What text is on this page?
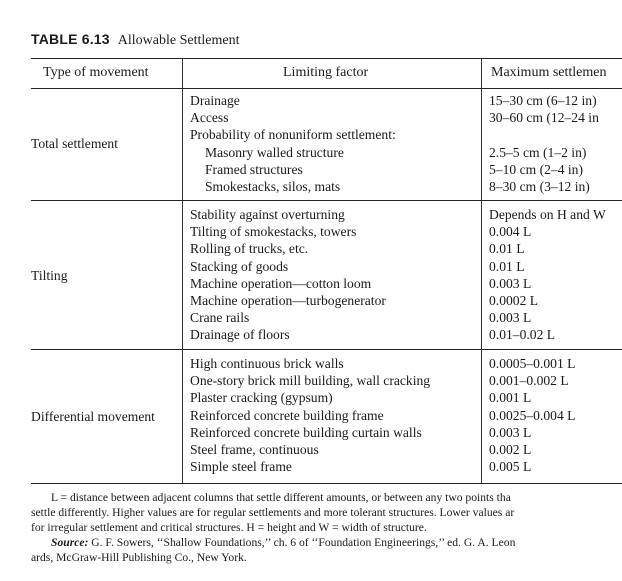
TABLE 6.13 Allowable Settlement
Type of movement	Limiting factor	Maximum settlemen
Total settlement
Drainage
Access
Probability of nonuniform settlement:
Masonry walled structure
Framed structures
Smokestacks, silos, mats
15–30 cm (6–12 in)
30–60 cm (12–24 in
2.5–5 cm (1–2 in)
5–10 cm (2–4 in)
8–30 cm (3–12 in)
Tilting
Stability against overturning
Tilting of smokestacks, towers
Rolling of trucks, etc.
Stacking of goods
Machine operation—cotton loom
Machine operation—turbogenerator
Crane rails
Drainage of floors
Depends on H and W
0.004 L
0.01 L
0.01 L
0.003 L
0.0002 L
0.003 L
0.01–0.02 L
Differential movement
High continuous brick walls
One-story brick mill building, wall cracking
Plaster cracking (gypsum)
Reinforced concrete building frame
Reinforced concrete building curtain walls
Steel frame, continuous
Simple steel frame
0.0005–0.001 L
0.001–0.002 L
0.001 L
0.0025–0.004 L
0.003 L
0.002 L
0.005 L
L = distance between adjacent columns that settle different amounts, or between any two points tha
settle differently. Higher values are for regular settlements and more tolerant structures. Lower values ar
for irregular settlement and critical structures. H = height and W = width of structure.
Source: G. F. Sowers, ‘‘Shallow Foundations,’’ ch. 6 of ‘‘Foundation Engineerings,’’ ed. G. A. Leon
ards, McGraw-Hill Publishing Co., New York.
